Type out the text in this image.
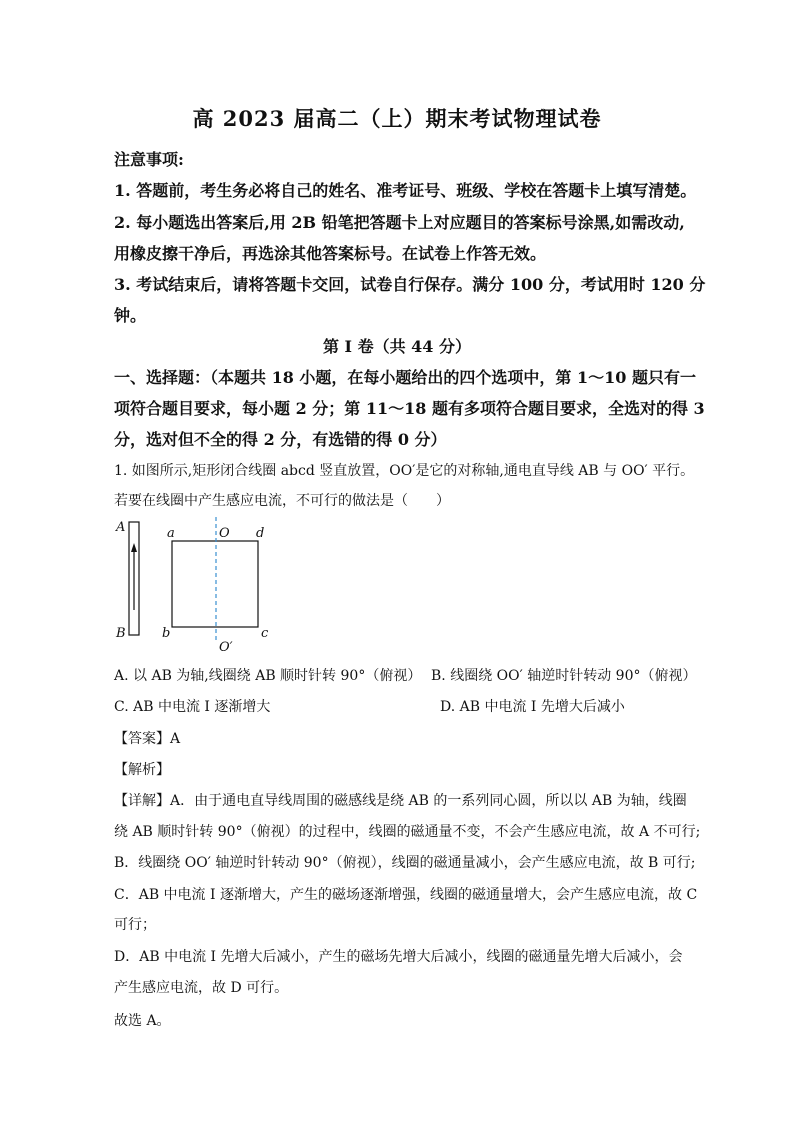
高 2023 届高二（上）期末考试物理试卷
注意事项:
1. 答题前，考生务必将自己的姓名、准考证号、班级、学校在答题卡上填写清楚。
2. 每小题选出答案后,用 2B 铅笔把答题卡上对应题目的答案标号涂黑,如需改动,
用橡皮擦干净后，再选涂其他答案标号。在试卷上作答无效。
3. 考试结束后，请将答题卡交回，试卷自行保存。满分 100 分，考试用时 120 分
钟。
第 I 卷（共 44 分）
一、选择题：（本题共 18 小题，在每小题给出的四个选项中，第 1～10 题只有一
项符合题目要求，每小题 2 分；第 11～18 题有多项符合题目要求，全选对的得 3
分，选对但不全的得 2 分，有选错的得 0 分）
1. 如图所示,矩形闭合线圈 abcd 竖直放置，OO′是它的对称轴,通电直导线 AB 与 OO′ 平行。
若要在线圈中产生感应电流，不可行的做法是（　　）
A
B
a	d
b	c
O
O′
A. 以 AB 为轴,线圈绕 AB 顺时针转 90°（俯视） B. 线圈绕 OO′ 轴逆时针转动 90°（俯视）
C. AB 中电流 I 逐渐增大	D. AB 中电流 I 先增大后减小
【答案】A
【解析】
【详解】A．由于通电直导线周围的磁感线是绕 AB 的一系列同心圆，所以以 AB 为轴，线圈
绕 AB 顺时针转 90°（俯视）的过程中，线圈的磁通量不变，不会产生感应电流，故 A 不可行;
B．线圈绕 OO′ 轴逆时针转动 90°（俯视），线圈的磁通量减小，会产生感应电流，故 B 可行;
C．AB 中电流 I 逐渐增大，产生的磁场逐渐增强，线圈的磁通量增大，会产生感应电流，故 C
可行；
D．AB 中电流 I 先增大后减小，产生的磁场先增大后减小，线圈的磁通量先增大后减小，会
产生感应电流，故 D 可行。
故选 A。
